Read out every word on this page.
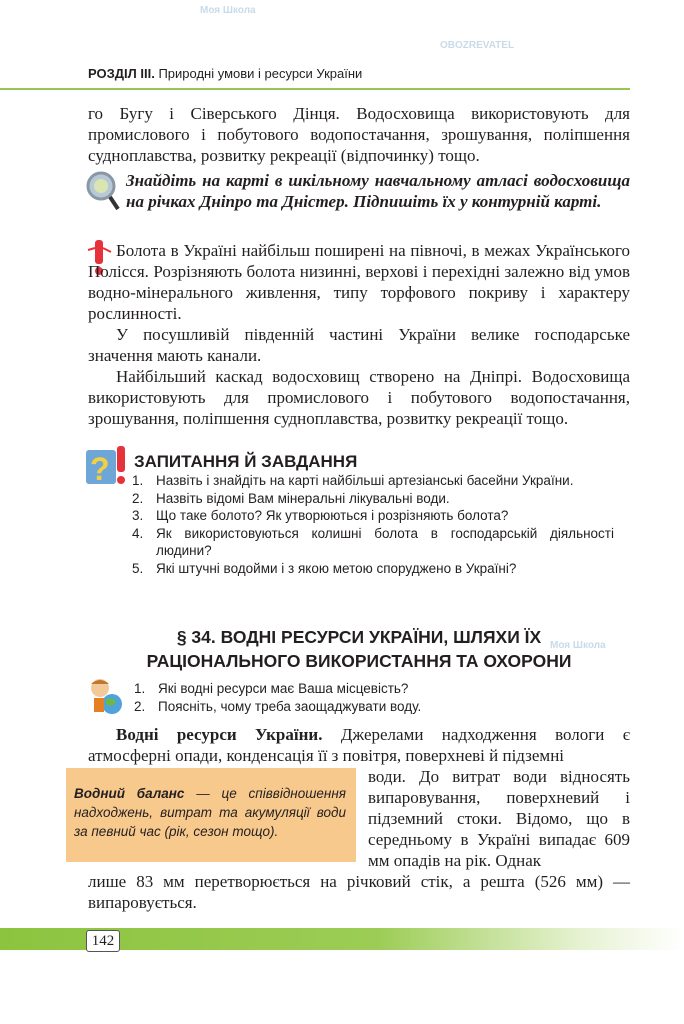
Моя Школа
OBOZREVATEL
Моя Школа
РОЗДІЛ III. Природні умови і ресурси України

го Бугу і Сіверського Дінця. Водосховища використовують для промислового і побутового водопостачання, зрошування, поліпшення судноплавства, розвитку рекреації (відпочинку) тощо.

Знайдіть на карті в шкільному навчальному атласі водосховища на річках Дніпро та Дністер. Підпишіть їх у контурній карті.

Болота в Україні найбільш поширені на півночі, в межах Українського Полісся. Розрізняють болота низинні, верхові і перехідні залежно від умов водно-мінерального живлення, типу торфового покриву і характеру рослинності.

У посушливій південній частині України велике господарське значення мають канали.

Найбільший каскад водосховищ створено на Дніпрі. Водосховища використовують для промислового і побутового водопостачання, зрошування, поліпшення судноплавства, розвитку рекреації тощо.

? ЗАПИТАННЯ Й ЗАВДАННЯ
1. Назвіть і знайдіть на карті найбільші артезіанські басейни України.
2. Назвіть відомі Вам мінеральні лікувальні води.
3. Що таке болото? Як утворюються і розрізняють болота?
4. Як використовуються колишні болота в господарській діяльності людини?
5. Які штучні водойми і з якою метою споруджено в Україні?
§ 34. ВОДНІ РЕСУРСИ УКРАЇНИ, ШЛЯХИ ЇХ
РАЦІОНАЛЬНОГО ВИКОРИСТАННЯ ТА ОХОРОНИ
1. Які водні ресурси має Ваша місцевість?
2. Поясніть, чому треба заощаджувати воду.

Водні ресурси України. Джерелами надходження вологи є атмосферні опади, конденсація її з повітря, поверхневі й підземні

Водний баланс — це співвідношення надходжень, витрат та акумуляції води за певний час (рік, сезон тощо).

води. До витрат води відносять випаровування, поверхневий і підземний стоки. Відомо, що в середньому в Україні випадає 609 мм опадів на рік. Однак

лише 83 мм перетворюється на річковий стік, а решта (526 мм) — випаровується.

142
